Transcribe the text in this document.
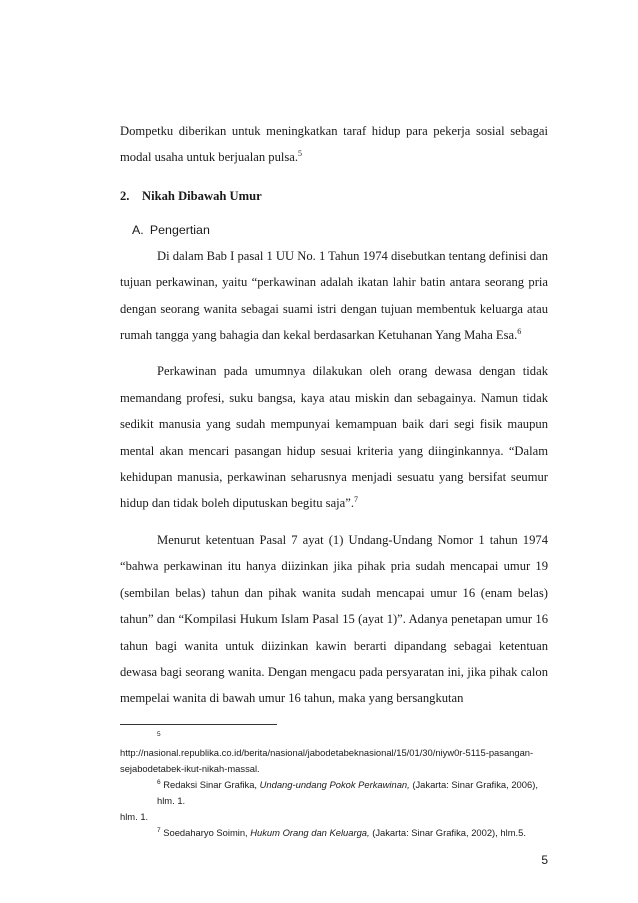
Dompetku diberikan untuk meningkatkan taraf hidup para pekerja sosial sebagai modal usaha untuk berjualan pulsa.$^5$

2. Nikah Dibawah Umur

A. Pengertian

Di dalam Bab I pasal 1 UU No. 1 Tahun 1974 disebutkan tentang definisi dan tujuan perkawinan, yaitu “perkawinan adalah ikatan lahir batin antara seorang pria dengan seorang wanita sebagai suami istri dengan tujuan membentuk keluarga atau rumah tangga yang bahagia dan kekal berdasarkan Ketuhanan Yang Maha Esa.$^6$

Perkawinan pada umumnya dilakukan oleh orang dewasa dengan tidak memandang profesi, suku bangsa, kaya atau miskin dan sebagainya. Namun tidak sedikit manusia yang sudah mempunyai kemampuan baik dari segi fisik maupun mental akan mencari pasangan hidup sesuai kriteria yang diinginkannya. “Dalam kehidupan manusia, perkawinan seharusnya menjadi sesuatu yang bersifat seumur hidup dan tidak boleh diputuskan begitu saja”.$^7$

Menurut ketentuan Pasal 7 ayat (1) Undang-Undang Nomor 1 tahun 1974 “bahwa perkawinan itu hanya diizinkan jika pihak pria sudah mencapai umur 19 (sembilan belas) tahun dan pihak wanita sudah mencapai umur 16 (enam belas) tahun” dan “Kompilasi Hukum Islam Pasal 15 (ayat 1)”. Adanya penetapan umur 16 tahun bagi wanita untuk diizinkan kawin berarti dipandang sebagai ketentuan dewasa bagi seorang wanita. Dengan mengacu pada persyaratan ini, jika pihak calon mempelai wanita di bawah umur 16 tahun, maka yang bersangkutan

$^5$
http://nasional.republika.co.id/berita/nasional/jabodetabeknasional/15/01/30/niyw0r-5115-pasangan-sejabodetabek-ikut-nikah-massal.
$^6$ Redaksi Sinar Grafika, Undang-undang Pokok Perkawinan, (Jakarta: Sinar Grafika, 2006), hlm. 1.
hlm. 1.
$^7$ Soedaharyo Soimin, Hukum Orang dan Keluarga, (Jakarta: Sinar Grafika, 2002), hlm.5.
5
